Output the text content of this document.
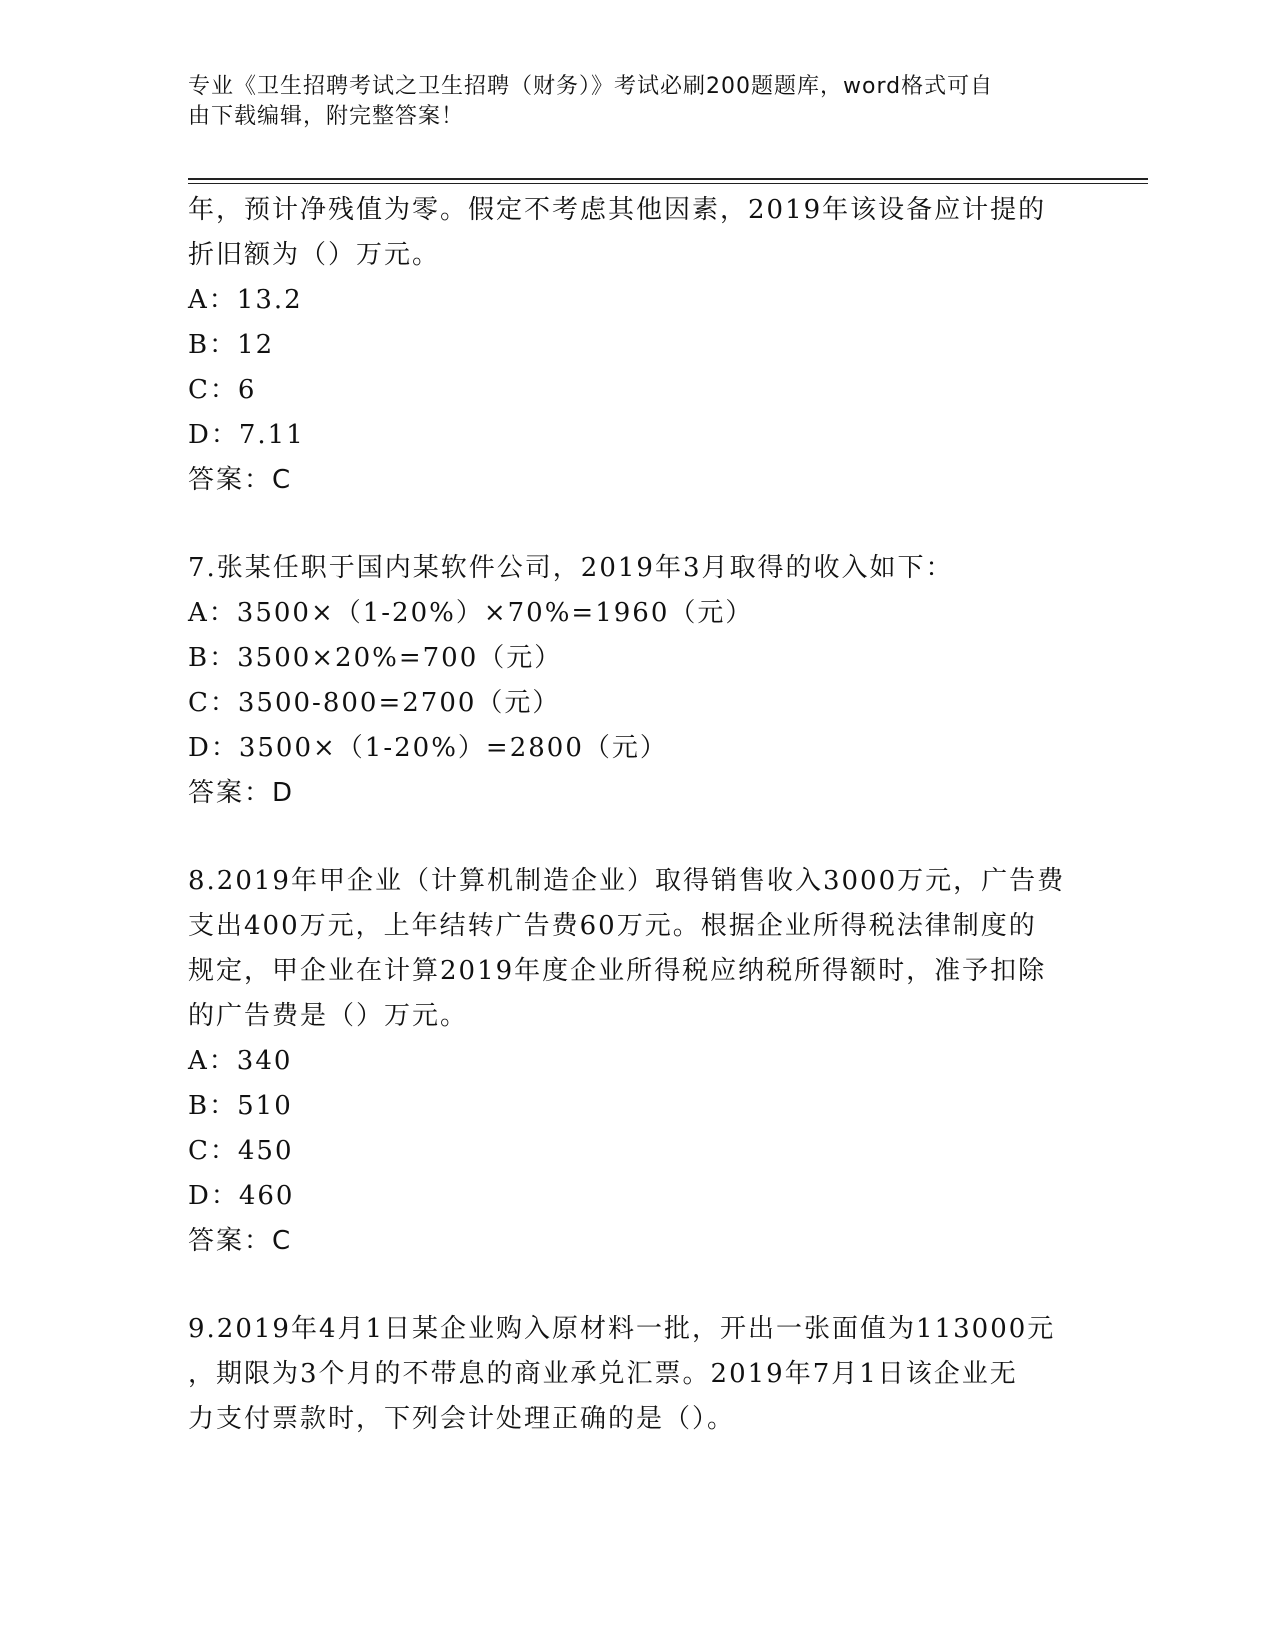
专业《卫生招聘考试之卫生招聘（财务）》考试必刷200题题库，word格式可自
由下载编辑，附完整答案！
年，预计净残值为零。假定不考虑其他因素，2019年该设备应计提的
折旧额为（）万元。
A：13.2
B：12
C：6
D：7.11
答案：C
7.张某任职于国内某软件公司，2019年3月取得的收入如下：
A：3500×（1-20%）×70%=1960（元）
B：3500×20%=700（元）
C：3500-800=2700（元）
D：3500×（1-20%）=2800（元）
答案：D
8.2019年甲企业（计算机制造企业）取得销售收入3000万元，广告费
支出400万元，上年结转广告费60万元。根据企业所得税法律制度的
规定，甲企业在计算2019年度企业所得税应纳税所得额时，准予扣除
的广告费是（）万元。
A：340
B：510
C：450
D：460
答案：C
9.2019年4月1日某企业购入原材料一批，开出一张面值为113000元
，期限为3个月的不带息的商业承兑汇票。2019年7月1日该企业无
力支付票款时，下列会计处理正确的是（）。
